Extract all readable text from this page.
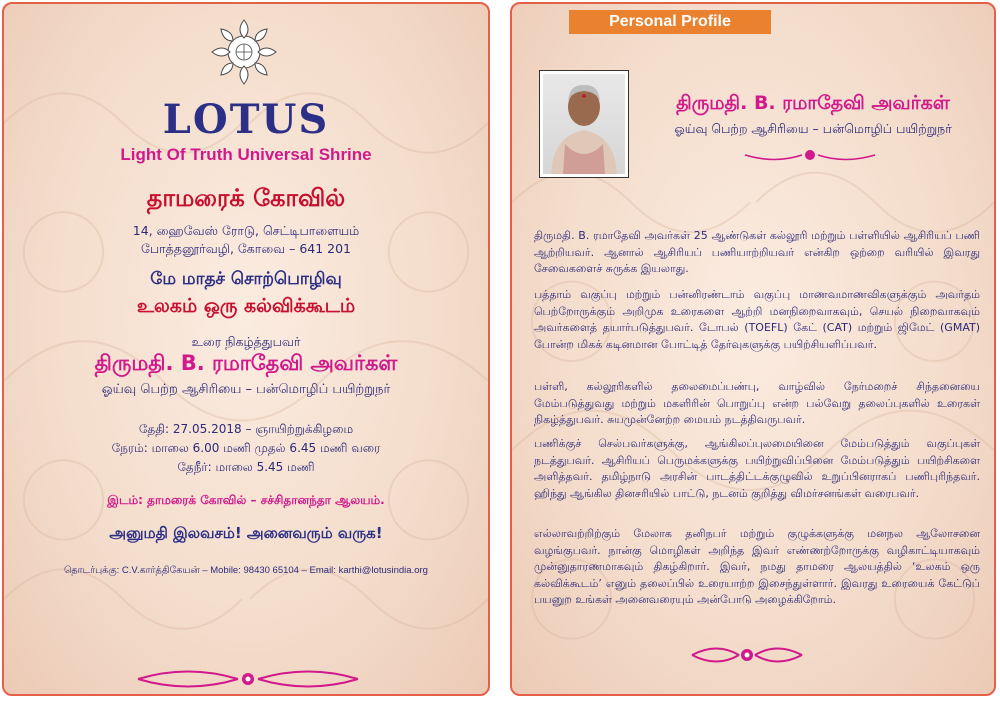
LOTUS
Light Of Truth Universal Shrine
தாமரைக் கோவில்
14, ஹைவேஸ் ரோடு, செட்டிபாளையம்
போத்தனூர்வழி, கோவை – 641 201
மே மாதச் சொற்பொழிவு
உலகம் ஒரு கல்விக்கூடம்
உரை நிகழ்த்துபவர்
திருமதி. B. ரமாதேவி அவர்கள்
ஓய்வு பெற்ற ஆசிரியை – பன்மொழிப் பயிற்றுநர்
தேதி: 27.05.2018 – ஞாயிற்றுக்கிழமை
நேரம்: மாலை 6.00 மணி முதல் 6.45 மணி வரை
தேநீர்: மாலை 5.45 மணி
இடம்: தாமரைக் கோவில் – சச்சிதானந்தா ஆலயம்.
அனுமதி இலவசம்! அனைவரும் வருக!
தொடர்புக்கு: C.V.கார்த்திகேயன் – Mobile: 98430 65104 – Email: karthi@lotusindia.org
Personal Profile
திருமதி. B. ரமாதேவி அவர்கள்
ஓய்வு பெற்ற ஆசிரியை – பன்மொழிப் பயிற்றுநர்
திருமதி. B. ரமாதேவி அவர்கள் 25 ஆண்டுகள் கல்லூரி மற்றும் பள்ளியில் ஆசிரியப் பணி ஆற்றியவர். ஆனால் ஆசிரியப் பணியாற்றியவர் என்கிற ஒற்றை வரியில் இவரது சேவைகளைச் சுருக்க இயலாது.
பத்தாம் வகுப்பு மற்றும் பன்னிரண்டாம் வகுப்பு மாணவமாணவிகளுக்கும் அவர்தம் பெற்றோருக்கும் அறிமுக உரைகளை ஆற்றி மனநிறைவாகவும், செயல் நிறைவாகவும் அவர்களைத் தயார்படுத்துபவர். டோபல் (TOEFL) கேட் (CAT) மற்றும் ஜிமேட் (GMAT) போன்ற மிகக் கடினமான போட்டித் தேர்வுகளுக்கு பயிற்சியளிப்பவர்.
பள்ளி, கல்லூரிகளில் தலைமைப்பண்பு, வாழ்வில் நேர்மறைச் சிந்தனையை மேம்படுத்துவது மற்றும் மகளிரின் பொறுப்பு என்ற பல்வேறு தலைப்புகளில் உரைகள் நிகழ்த்துபவர். சுயமுன்னேற்ற மையம் நடத்திவருபவர்.
பணிக்குச் செல்பவர்களுக்கு, ஆங்கிலப்புலமையினை மேம்படுத்தும் வகுப்புகள் நடத்துபவர். ஆசிரியப் பெருமக்களுக்கு பயிற்றுவிப்பினை மேம்படுத்தும் பயிற்சிகளை அளித்தவர். தமிழ்நாடு அரசின் பாடத்திட்டக்குழுவில் உறுப்பினராகப் பணிபுரிந்தவர். ஹிந்து ஆங்கில தினசரியில் பாட்டு, நடனம் குறித்து விமர்சனங்கள் வரைபவர்.
எல்லாவற்றிற்கும் மேலாக தனிநபர் மற்றும் குழுக்களுக்கு மனநல ஆலோசனை வழங்குபவர். நான்கு மொழிகள் அறிந்த இவர் எண்ணற்றோருக்கு வழிகாட்டியாகவும் முன்னுதாரணமாகவும் திகழ்கிறார். இவர், நமது தாமரை ஆலயத்தில் ‘உலகம் ஒரு கல்விக்கூடம்’ எனும் தலைப்பில் உரையாற்ற இசைந்துள்ளார். இவரது உரையைக் கேட்டுப் பயனுற உங்கள் அனைவரையும் அன்போடு அழைக்கிறோம்.
